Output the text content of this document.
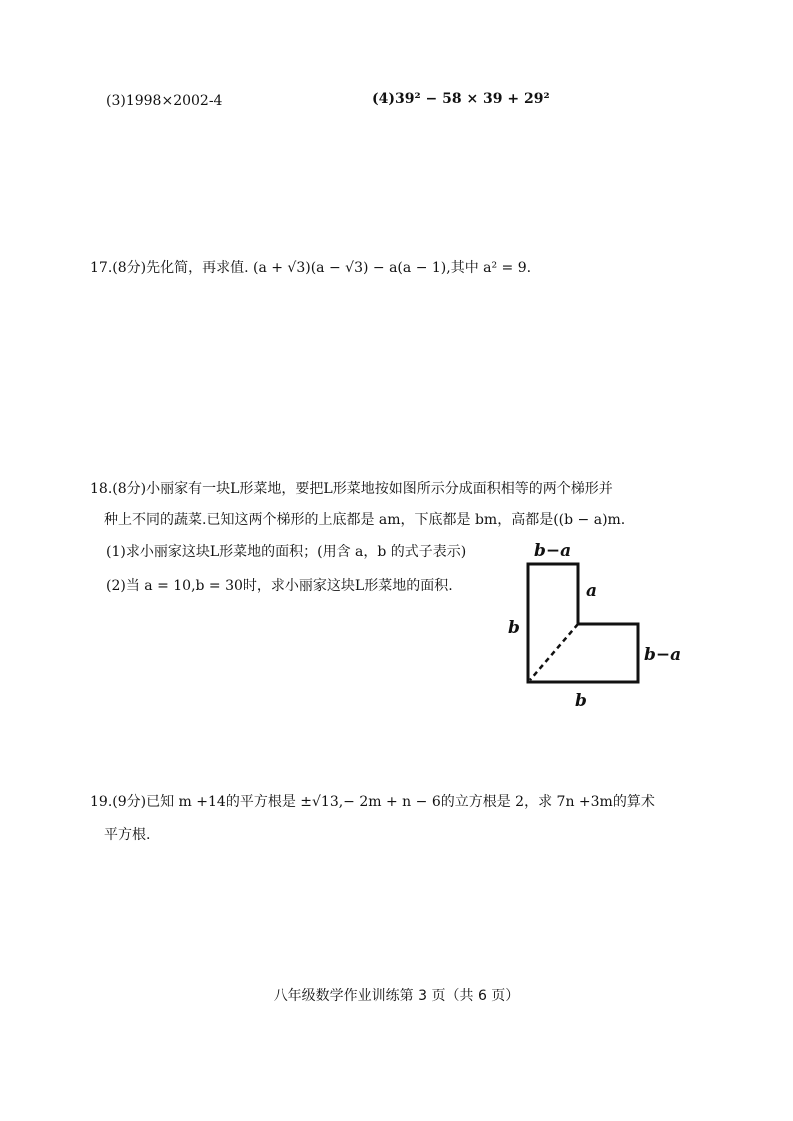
(3)1998×2002-4	(4)39² − 58 × 39 + 29²
17.(8分)先化简，再求值. (a + √3)(a − √3) − a(a − 1),其中 a² = 9.
18.(8分)小丽家有一块L形菜地，要把L形菜地按如图所示分成面积相等的两个梯形并
种上不同的蔬菜.已知这两个梯形的上底都是 am，下底都是 bm，高都是((b − a)m.
(1)求小丽家这块L形菜地的面积；(用含 a，b 的式子表示)
(2)当 a = 10,b = 30时，求小丽家这块L形菜地的面积.
b−a
a
b
b−a
b
19.(9分)已知 m +14的平方根是 ±√13,− 2m + n − 6的立方根是 2，求 7n +3m的算术
平方根.
八年级数学作业训练第 3 页（共 6 页）
